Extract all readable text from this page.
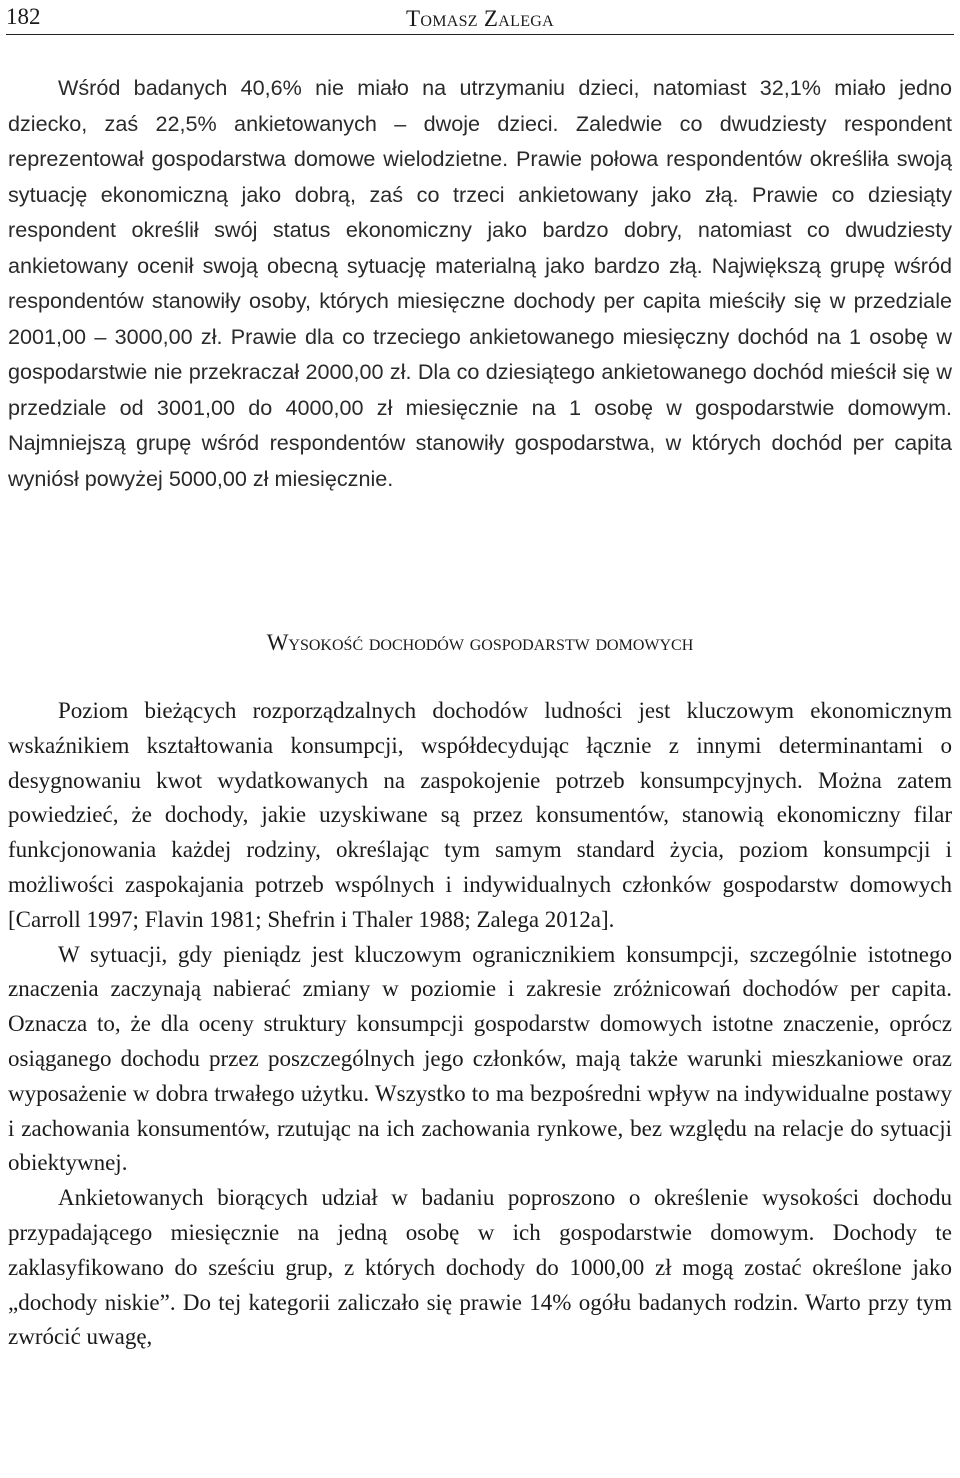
182	Tomasz Zalega

Wśród badanych 40,6% nie miało na utrzymaniu dzieci, natomiast 32,1% miało jedno dziecko, zaś 22,5% ankietowanych – dwoje dzieci. Zaledwie co dwudziesty respondent reprezentował gospodarstwa domowe wielodzietne. Prawie połowa respondentów określiła swoją sytuację ekonomiczną jako dobrą, zaś co trzeci ankietowany jako złą. Prawie co dziesiąty respondent określił swój status ekonomiczny jako bardzo dobry, natomiast co dwudziesty ankietowany ocenił swoją obecną sytuację materialną jako bardzo złą. Największą grupę wśród respondentów stanowiły osoby, których miesięczne dochody per capita mieściły się w przedziale 2001,00 – 3000,00 zł. Prawie dla co trzeciego ankietowanego miesięczny dochód na 1 osobę w gospodarstwie nie przekraczał 2000,00 zł. Dla co dziesiątego ankietowanego dochód mieścił się w przedziale od 3001,00 do 4000,00 zł miesięcznie na 1 osobę w gospodarstwie domowym. Najmniejszą grupę wśród respondentów stanowiły gospodarstwa, w których dochód per capita wyniósł powyżej 5000,00 zł miesięcznie.

Wysokość dochodów gospodarstw domowych

Poziom bieżących rozporządzalnych dochodów ludności jest kluczowym ekonomicznym wskaźnikiem kształtowania konsumpcji, współdecydując łącznie z innymi determinantami o desygnowaniu kwot wydatkowanych na zaspokojenie potrzeb konsumpcyjnych. Można zatem powiedzieć, że dochody, jakie uzyskiwane są przez konsumentów, stanowią ekonomiczny filar funkcjonowania każdej rodziny, określając tym samym standard życia, poziom konsumpcji i możliwości zaspokajania potrzeb wspólnych i indywidualnych członków gospodarstw domowych [Carroll 1997; Flavin 1981; Shefrin i Thaler 1988; Zalega 2012a].

W sytuacji, gdy pieniądz jest kluczowym ogranicznikiem konsumpcji, szczególnie istotnego znaczenia zaczynają nabierać zmiany w poziomie i zakresie zróżnicowań dochodów per capita. Oznacza to, że dla oceny struktury konsumpcji gospodarstw domowych istotne znaczenie, oprócz osiąganego dochodu przez poszczególnych jego członków, mają także warunki mieszkaniowe oraz wyposażenie w dobra trwałego użytku. Wszystko to ma bezpośredni wpływ na indywidualne postawy i zachowania konsumentów, rzutując na ich zachowania rynkowe, bez względu na relacje do sytuacji obiektywnej.

Ankietowanych biorących udział w badaniu poproszono o określenie wysokości dochodu przypadającego miesięcznie na jedną osobę w ich gospodarstwie domowym. Dochody te zaklasyfikowano do sześciu grup, z których dochody do 1000,00 zł mogą zostać określone jako „dochody niskie”. Do tej kategorii zaliczało się prawie 14% ogółu badanych rodzin. Warto przy tym zwrócić uwagę,
